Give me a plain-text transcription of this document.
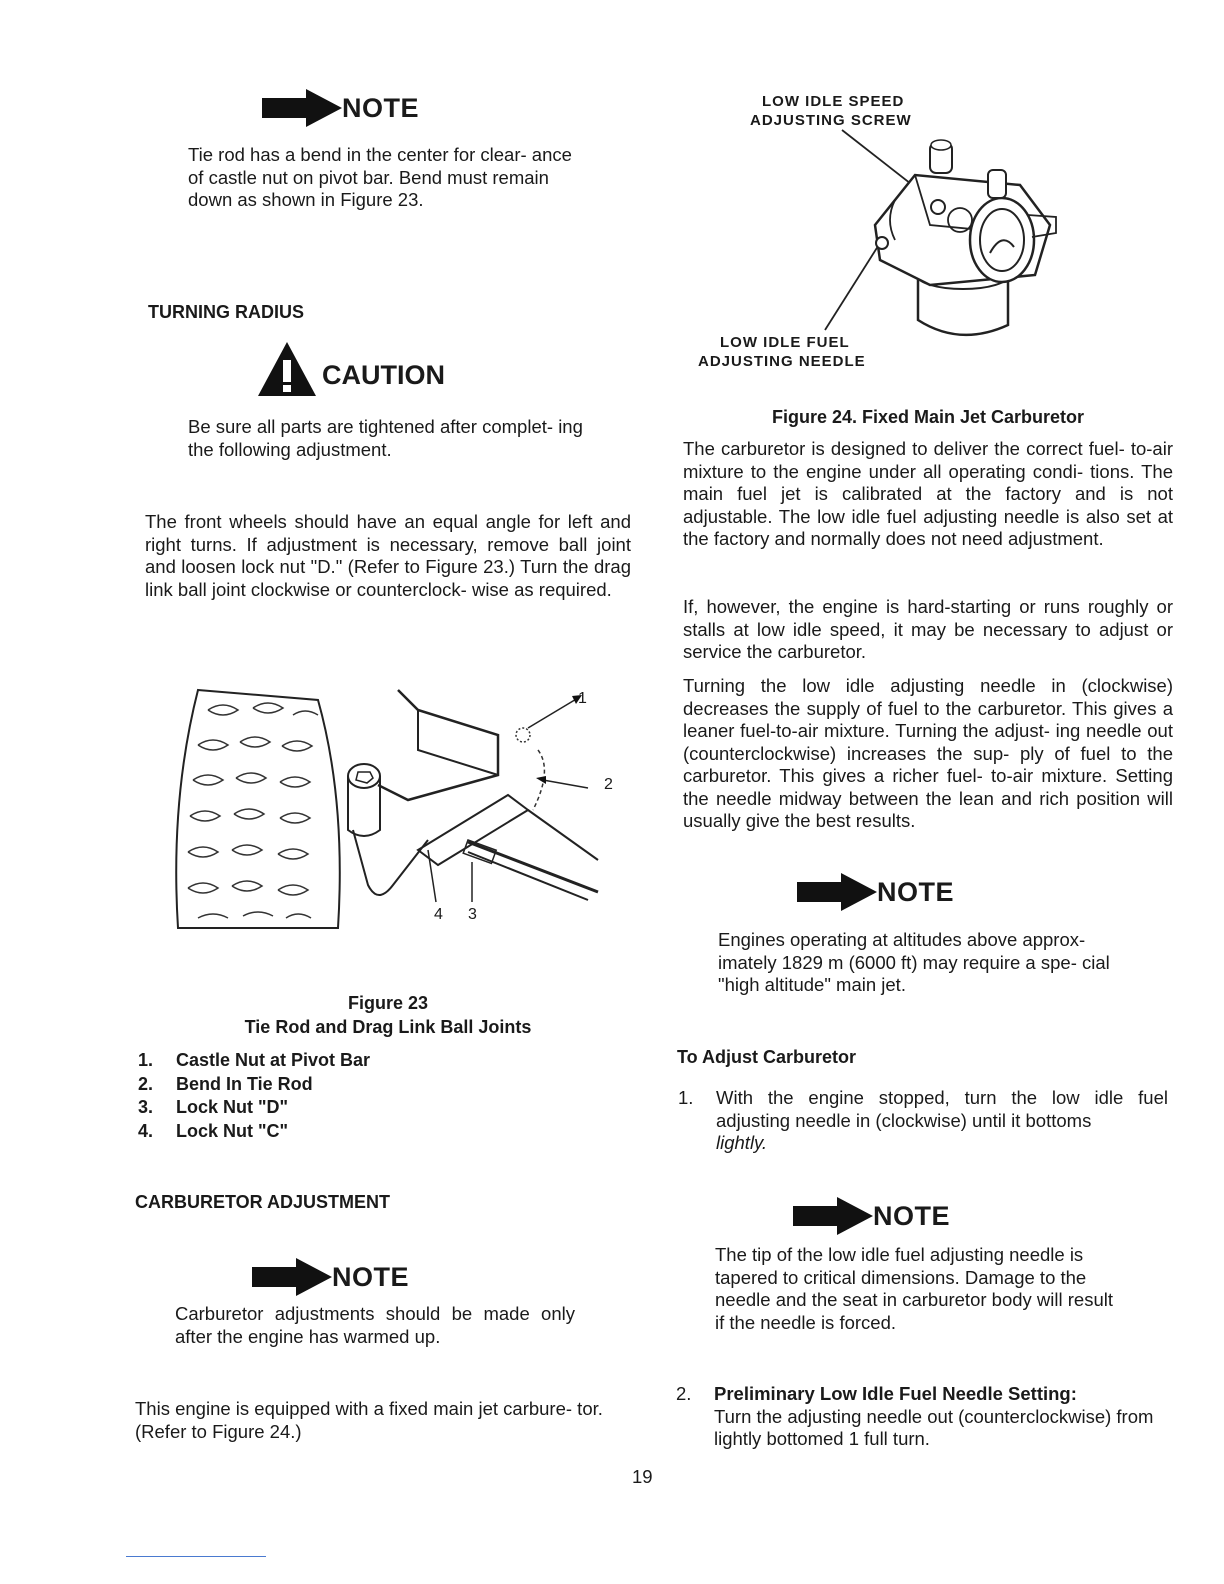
NOTE
Tie rod has a bend in the center for clear- ance of castle nut on pivot bar. Bend must remain down as shown in Figure 23.
TURNING RADIUS
CAUTION
Be sure all parts are tightened after complet- ing the following adjustment.
The front wheels should have an equal angle for left and right turns. If adjustment is necessary, remove ball joint and loosen lock nut "D." (Refer to Figure 23.) Turn the drag link ball joint clockwise or counterclock- wise as required.
1
2
4 3
Figure 23
Tie Rod and Drag Link Ball Joints
1.	Castle Nut at Pivot Bar
2.	Bend In Tie Rod
3.	Lock Nut "D"
4.	Lock Nut "C"
CARBURETOR ADJUSTMENT
NOTE
Carburetor adjustments should be made only after the engine has warmed up.
This engine is equipped with a fixed main jet carbure- tor. (Refer to Figure 24.)
LOW IDLE SPEED
ADJUSTING SCREW
LOW IDLE FUEL
ADJUSTING NEEDLE
Figure 24. Fixed Main Jet Carburetor
The carburetor is designed to deliver the correct fuel- to-air mixture to the engine under all operating condi- tions. The main fuel jet is calibrated at the factory and is not adjustable. The low idle fuel adjusting needle is also set at the factory and normally does not need adjustment.
If, however, the engine is hard-starting or runs roughly or stalls at low idle speed, it may be necessary to adjust or service the carburetor.
Turning the low idle adjusting needle in (clockwise) decreases the supply of fuel to the carburetor. This gives a leaner fuel-to-air mixture. Turning the adjust- ing needle out (counterclockwise) increases the sup- ply of fuel to the carburetor. This gives a richer fuel- to-air mixture. Setting the needle midway between the lean and rich position will usually give the best results.
NOTE
Engines operating at altitudes above approx- imately 1829 m (6000 ft) may require a spe- cial "high altitude" main jet.
To Adjust Carburetor
1.	With the engine stopped, turn the low idle fuel adjusting needle in (clockwise) until it bottoms
lightly.
NOTE
The tip of the low idle fuel adjusting needle is tapered to critical dimensions. Damage to the needle and the seat in carburetor body will result if the needle is forced.
2.	Preliminary Low Idle Fuel Needle Setting:
Turn the adjusting needle out (counterclockwise) from lightly bottomed 1 full turn.
19
